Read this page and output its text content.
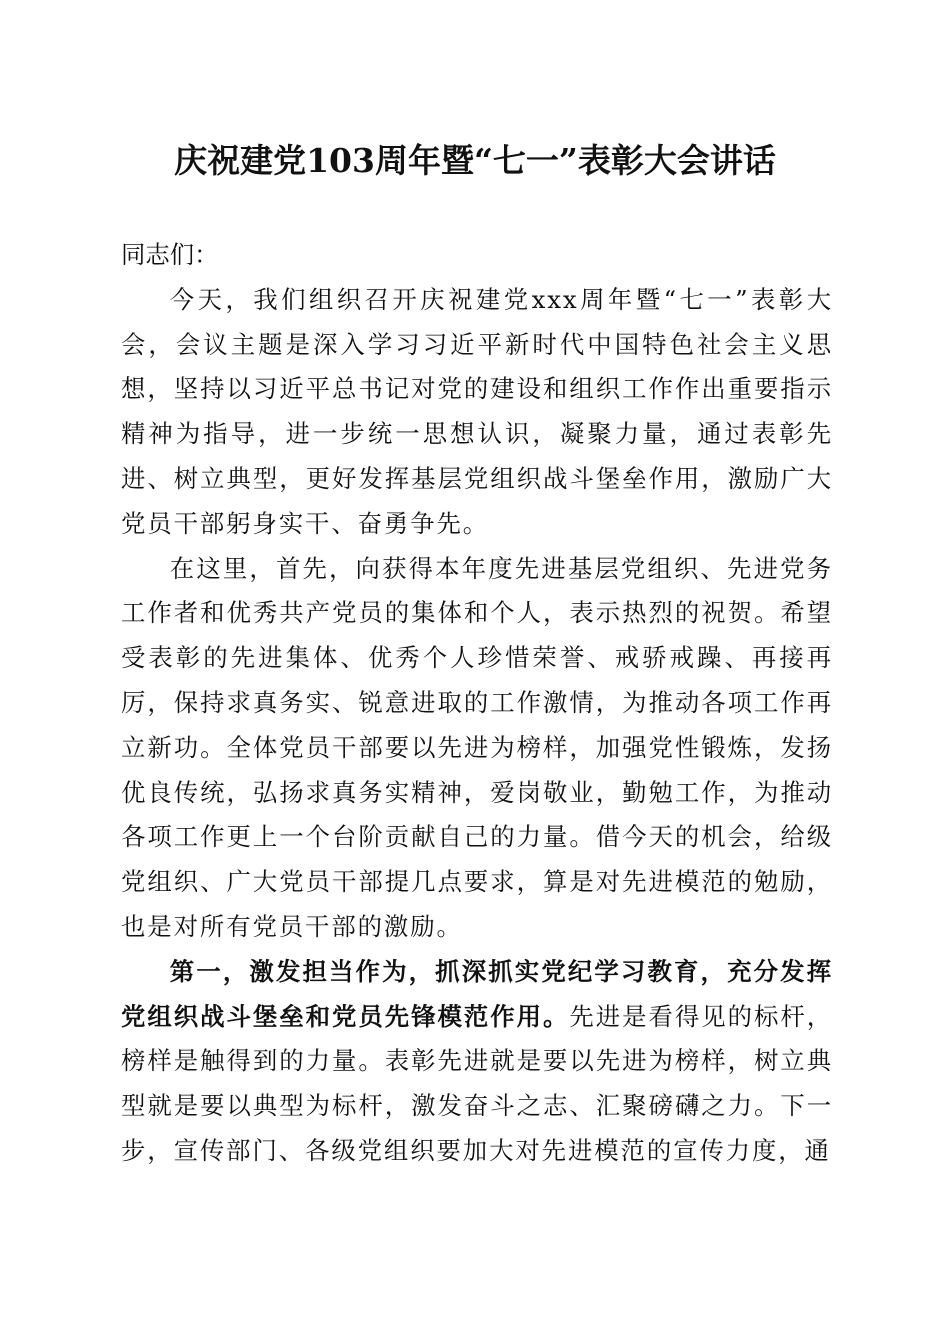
庆祝建党103周年暨“七一”表彰大会讲话

同志们：

今天，我们组织召开庆祝建党xxx周年暨“七一”表彰大会，会议主题是深入学习习近平新时代中国特色社会主义思想，坚持以习近平总书记对党的建设和组织工作作出重要指示精神为指导，进一步统一思想认识，凝聚力量，通过表彰先进、树立典型，更好发挥基层党组织战斗堡垒作用，激励广大党员干部躬身实干、奋勇争先。

在这里，首先，向获得本年度先进基层党组织、先进党务工作者和优秀共产党员的集体和个人，表示热烈的祝贺。希望受表彰的先进集体、优秀个人珍惜荣誉、戒骄戒躁、再接再厉，保持求真务实、锐意进取的工作激情，为推动各项工作再立新功。全体党员干部要以先进为榜样，加强党性锻炼，发扬优良传统，弘扬求真务实精神，爱岗敬业，勤勉工作，为推动各项工作更上一个台阶贡献自己的力量。借今天的机会，给级党组织、广大党员干部提几点要求，算是对先进模范的勉励，也是对所有党员干部的激励。

第一，激发担当作为，抓深抓实党纪学习教育，充分发挥党组织战斗堡垒和党员先锋模范作用。先进是看得见的标杆，榜样是触得到的力量。表彰先进就是要以先进为榜样，树立典型就是要以典型为标杆，激发奋斗之志、汇聚磅礴之力。下一步，宣传部门、各级党组织要加大对先进模范的宣传力度，通
